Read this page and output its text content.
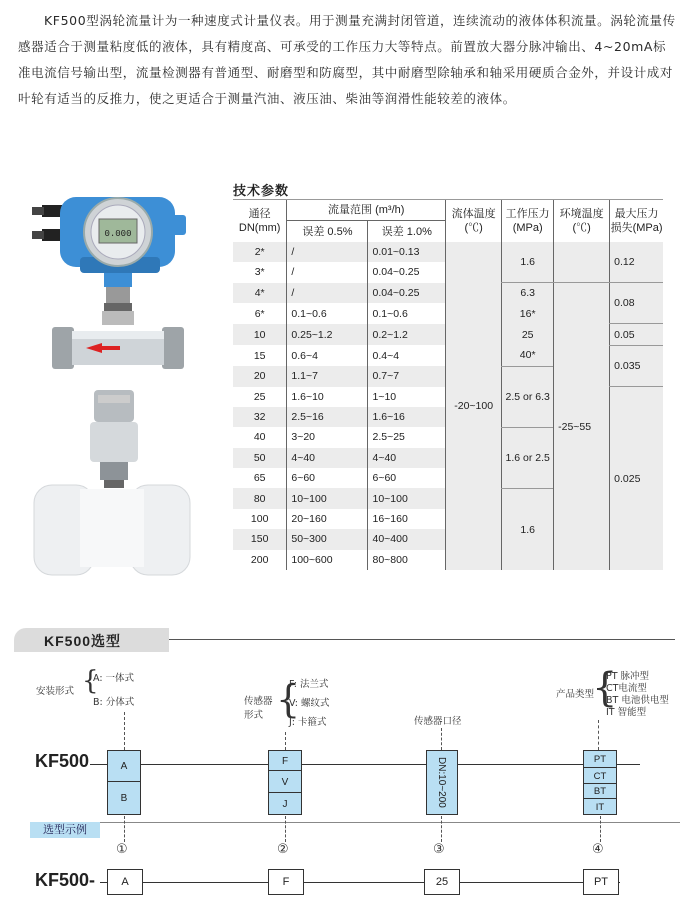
KF500型涡轮流量计为一种速度式计量仪表。用于测量充满封闭管道，连续流动的液体体积流量。涡轮流量传感器适合于测量粘度低的液体，具有精度高、可承受的工作压力大等特点。前置放大器分脉冲输出、4~20mA标准电流信号输出型，流量检测器有普通型、耐磨型和防腐型，其中耐磨型除轴承和轴采用硬质合金外，并设计成对叶轮有适当的反推力，使之更适合于测量汽油、液压油、柴油等润滑性能较差的液体。
0.000
技术参数
通径DN(mm)	流量范围 (m³/h)		流体温度(℃)	工作压力(MPa)	环境温度(℃)	最大压力损失(MPa)
	误差 0.5%	误差 1.0%				
2*	/	0.01~0.13	-20~100	1.6		0.12
3*	/	0.04~0.25				
4*	/	0.04~0.25		6.3	-25~55	0.08
6*	0.1~0.6	0.1~0.6		16*		
10	0.25~1.2	0.2~1.2		25		0.05
15	0.6~4	0.4~4		40*		0.035
20	1.1~7	0.7~7		2.5 or 6.3		
25	1.6~10	1~10				0.025
32	2.5~16	1.6~16				
40	3~20	2.5~25		1.6 or 2.5		
50	4~40	4~40				
65	6~60	6~60				
80	10~100	10~100		1.6		
100	20~160	16~160				
150	50~300	40~400				
200	100~600	80~800				
KF500选型
安装形式 {
A: 一体式
B: 分体式	传感器
形式 {
F: 法兰式
V: 螺纹式
J: 卡箍式	传感器口径
产品类型
{
PT 脉冲型
CT电流型
BT 电池供电型
IT 智能型
KF500	A
B
F
V
J	DN:10~200	PT
CT
BT
IT
选型示例
①	②	③	④
KF500-	A	F	25	PT
